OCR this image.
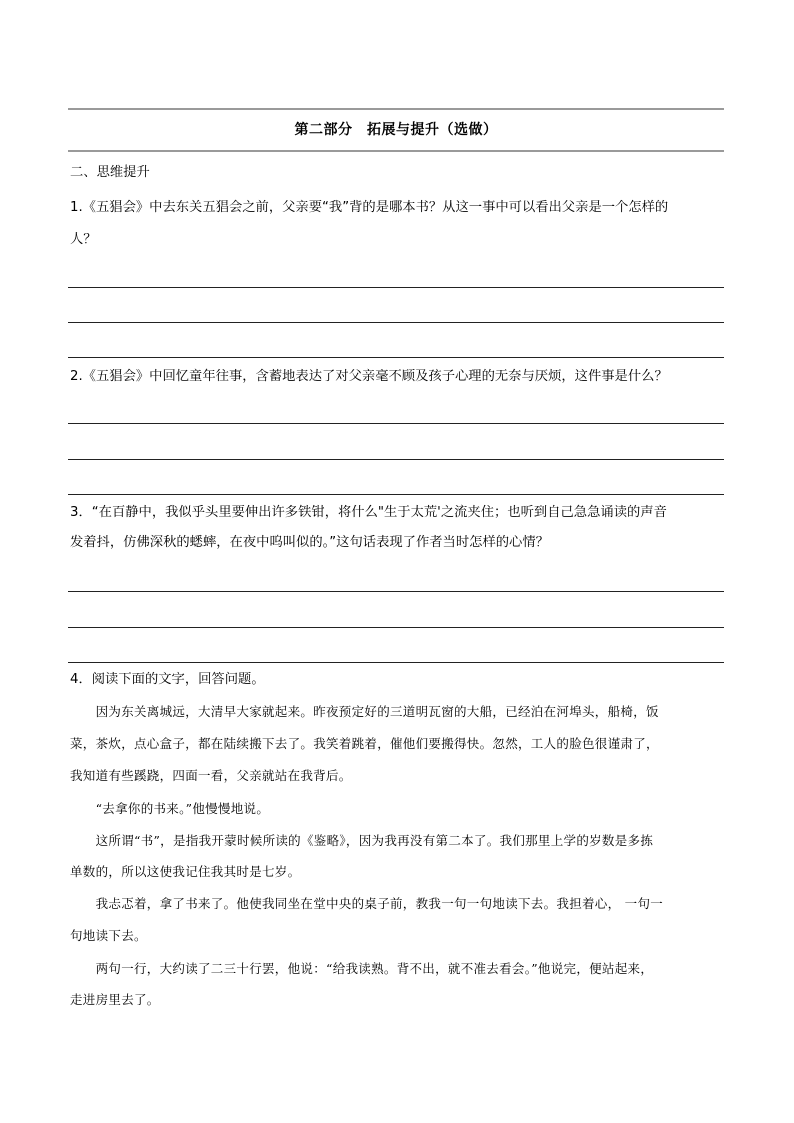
第二部分　拓展与提升（选做）
二、思维提升
1.《五猖会》中去东关五猖会之前，父亲要“我”背的是哪本书？从这一事中可以看出父亲是一个怎样的
人？
2.《五猖会》中回忆童年往事，含蓄地表达了对父亲毫不顾及孩子心理的无奈与厌烦，这件事是什么？
3．“在百静中，我似乎头里要伸出许多铁钳，将什么"生于太荒'之流夹住；也听到自己急急诵读的声音
发着抖，仿佛深秋的蟋蟀，在夜中呜叫似的。”这句话表现了作者当时怎样的心情？
4．阅读下面的文字，回答问题。
　　因为东关离城远，大清早大家就起来。昨夜预定好的三道明瓦窗的大船，已经泊在河埠头，船椅，饭
菜，茶炊，点心盒子，都在陆续搬下去了。我笑着跳着，催他们要搬得快。忽然，工人的脸色很谨肃了，
我知道有些蹊跷，四面一看，父亲就站在我背后。
　　“去拿你的书来。”他慢慢地说。
　　这所谓“书”，是指我开蒙时候所读的《鉴略》，因为我再没有第二本了。我们那里上学的岁数是多拣
单数的，所以这使我记住我其时是七岁。
　　我忐忑着，拿了书来了。他使我同坐在堂中央的桌子前，教我一句一句地读下去。我担着心， 一句一
句地读下去。
　　两句一行，大约读了二三十行罢，他说：“给我读熟。背不出，就不准去看会。”他说完，便站起来，
走进房里去了。
